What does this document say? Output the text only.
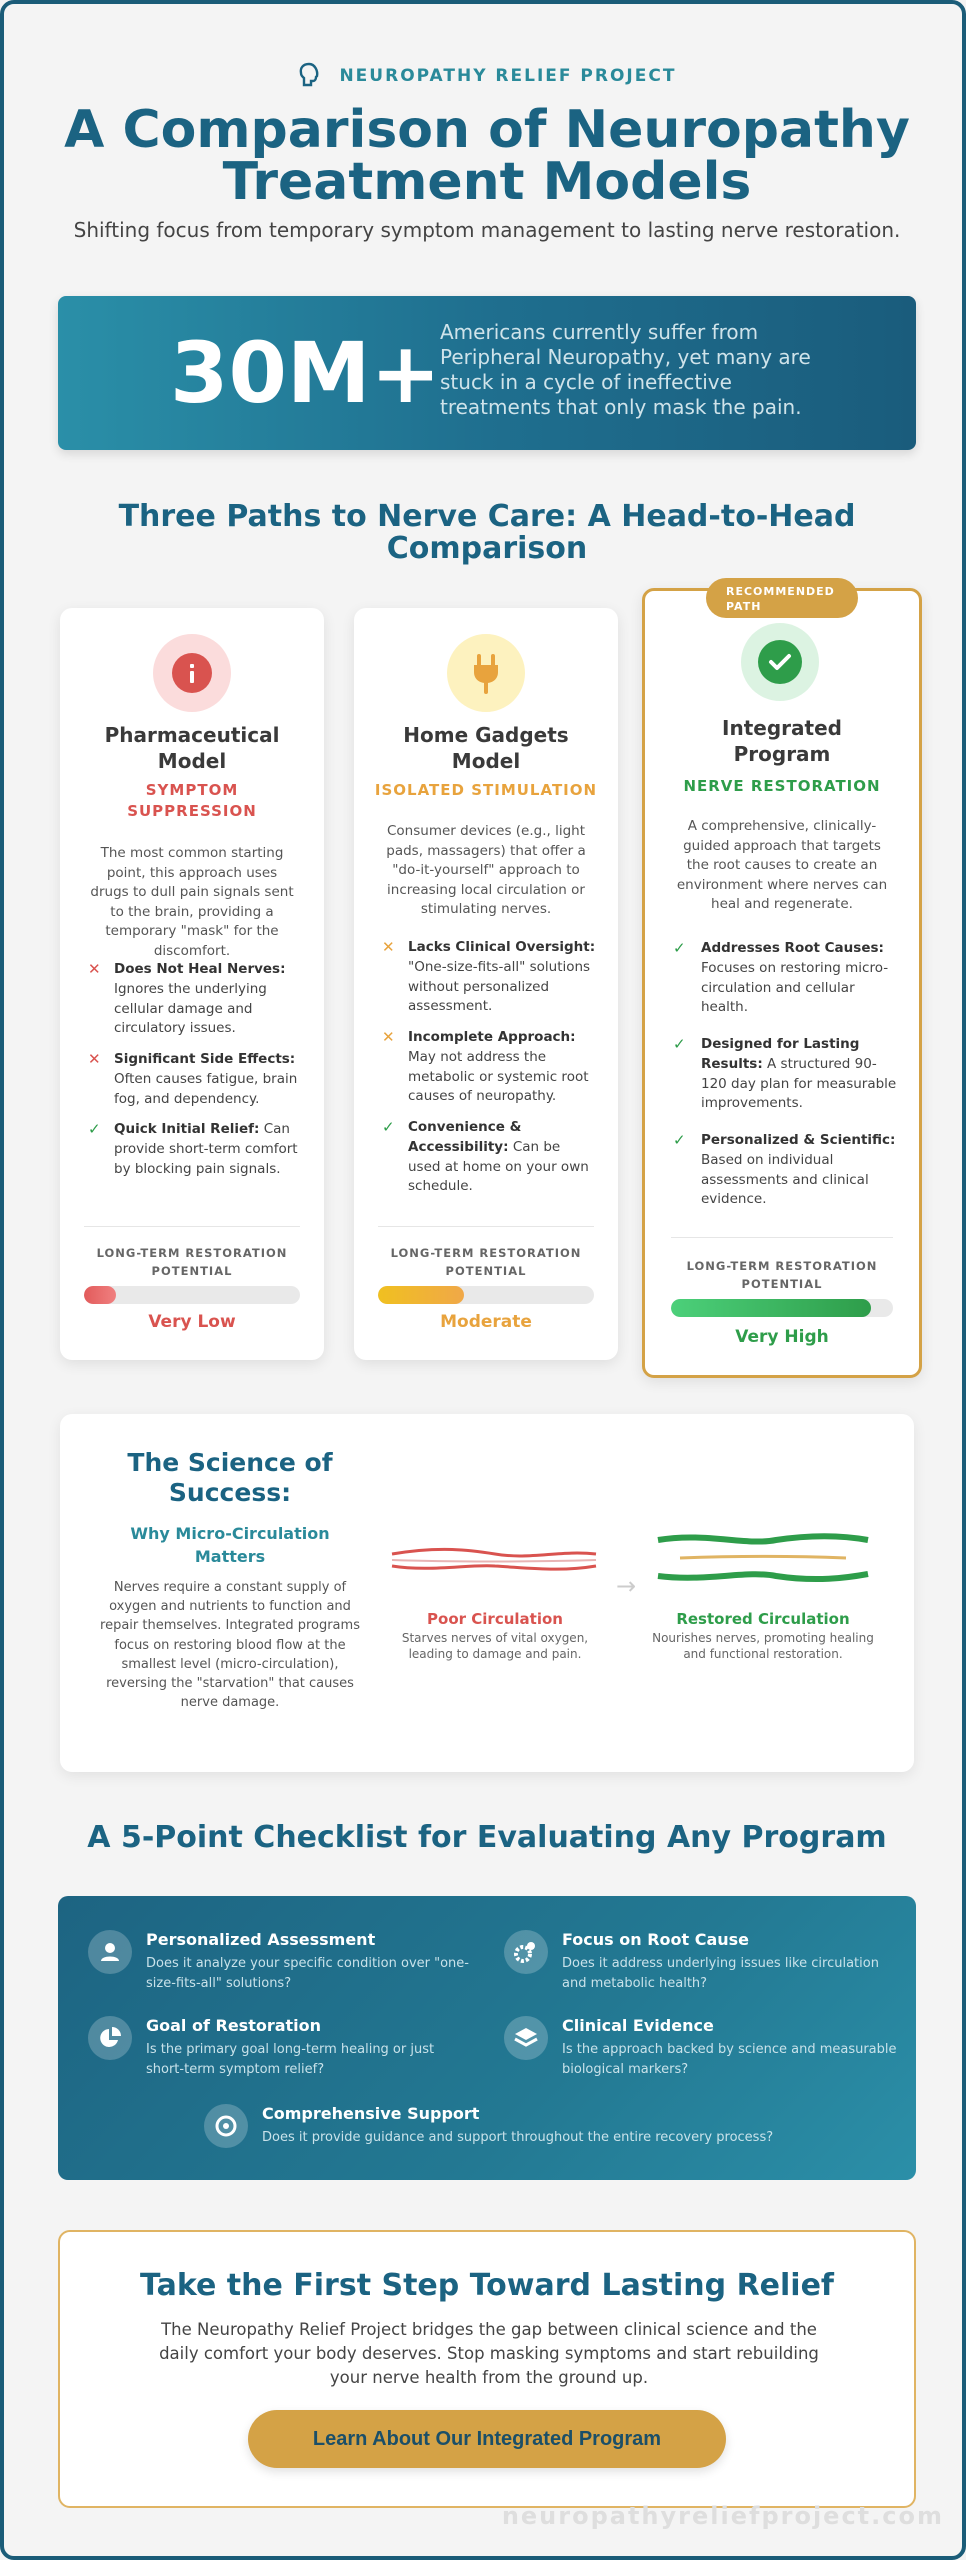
NEUROPATHY RELIEF PROJECT
A Comparison of Neuropathy
Treatment Models
Shifting focus from temporary symptom management to lasting nerve restoration.
30M+ Americans currently suffer from Peripheral Neuropathy, yet many are stuck in a cycle of ineffective treatments that only mask the pain.
Three Paths to Nerve Care: A Head-to-Head Comparison
Pharmaceutical Model
SYMPTOM SUPPRESSION
The most common starting point, this approach uses drugs to dull pain signals sent to the brain, providing a temporary "mask" for the discomfort.
✕ Does Not Heal Nerves: Ignores the underlying cellular damage and circulatory issues.
✕ Significant Side Effects: Often causes fatigue, brain fog, and dependency.
✓ Quick Initial Relief: Can provide short-term comfort by blocking pain signals.
LONG-TERM RESTORATION POTENTIAL
Very Low
Home Gadgets Model
ISOLATED STIMULATION
Consumer devices (e.g., light pads, massagers) that offer a "do-it-yourself" approach to increasing local circulation or stimulating nerves.
✕ Lacks Clinical Oversight: "One-size-fits-all" solutions without personalized assessment.
✕ Incomplete Approach: May not address the metabolic or systemic root causes of neuropathy.
✓ Convenience & Accessibility: Can be used at home on your own schedule.
LONG-TERM RESTORATION POTENTIAL
Moderate
Integrated Program
NERVE RESTORATION
A comprehensive, clinically-guided approach that targets the root causes to create an environment where nerves can heal and regenerate.
✓ Addresses Root Causes: Focuses on restoring micro-circulation and cellular health.
✓ Designed for Lasting Results: A structured 90-120 day plan for measurable improvements.
✓ Personalized & Scientific: Based on individual assessments and clinical evidence.
LONG-TERM RESTORATION POTENTIAL
Very High
RECOMMENDED PATH
The Science of Success:
Why Micro-Circulation Matters
Nerves require a constant supply of oxygen and nutrients to function and repair themselves. Integrated programs focus on restoring blood flow at the smallest level (micro-circulation), reversing the "starvation" that causes nerve damage.
Poor Circulation
Starves nerves of vital oxygen, leading to damage and pain.
→
Restored Circulation
Nourishes nerves, promoting healing and functional restoration.
A 5-Point Checklist for Evaluating Any Program
Personalized Assessment
Does it analyze your specific condition over "one-size-fits-all" solutions?
Focus on Root Cause
Does it address underlying issues like circulation and metabolic health?
Goal of Restoration
Is the primary goal long-term healing or just short-term symptom relief?
Clinical Evidence
Is the approach backed by science and measurable biological markers?
Comprehensive Support
Does it provide guidance and support throughout the entire recovery process?
Take the First Step Toward Lasting Relief
The Neuropathy Relief Project bridges the gap between clinical science and the daily comfort your body deserves. Stop masking symptoms and start rebuilding your nerve health from the ground up.
Learn About Our Integrated Program
neuropathyreliefproject.com
